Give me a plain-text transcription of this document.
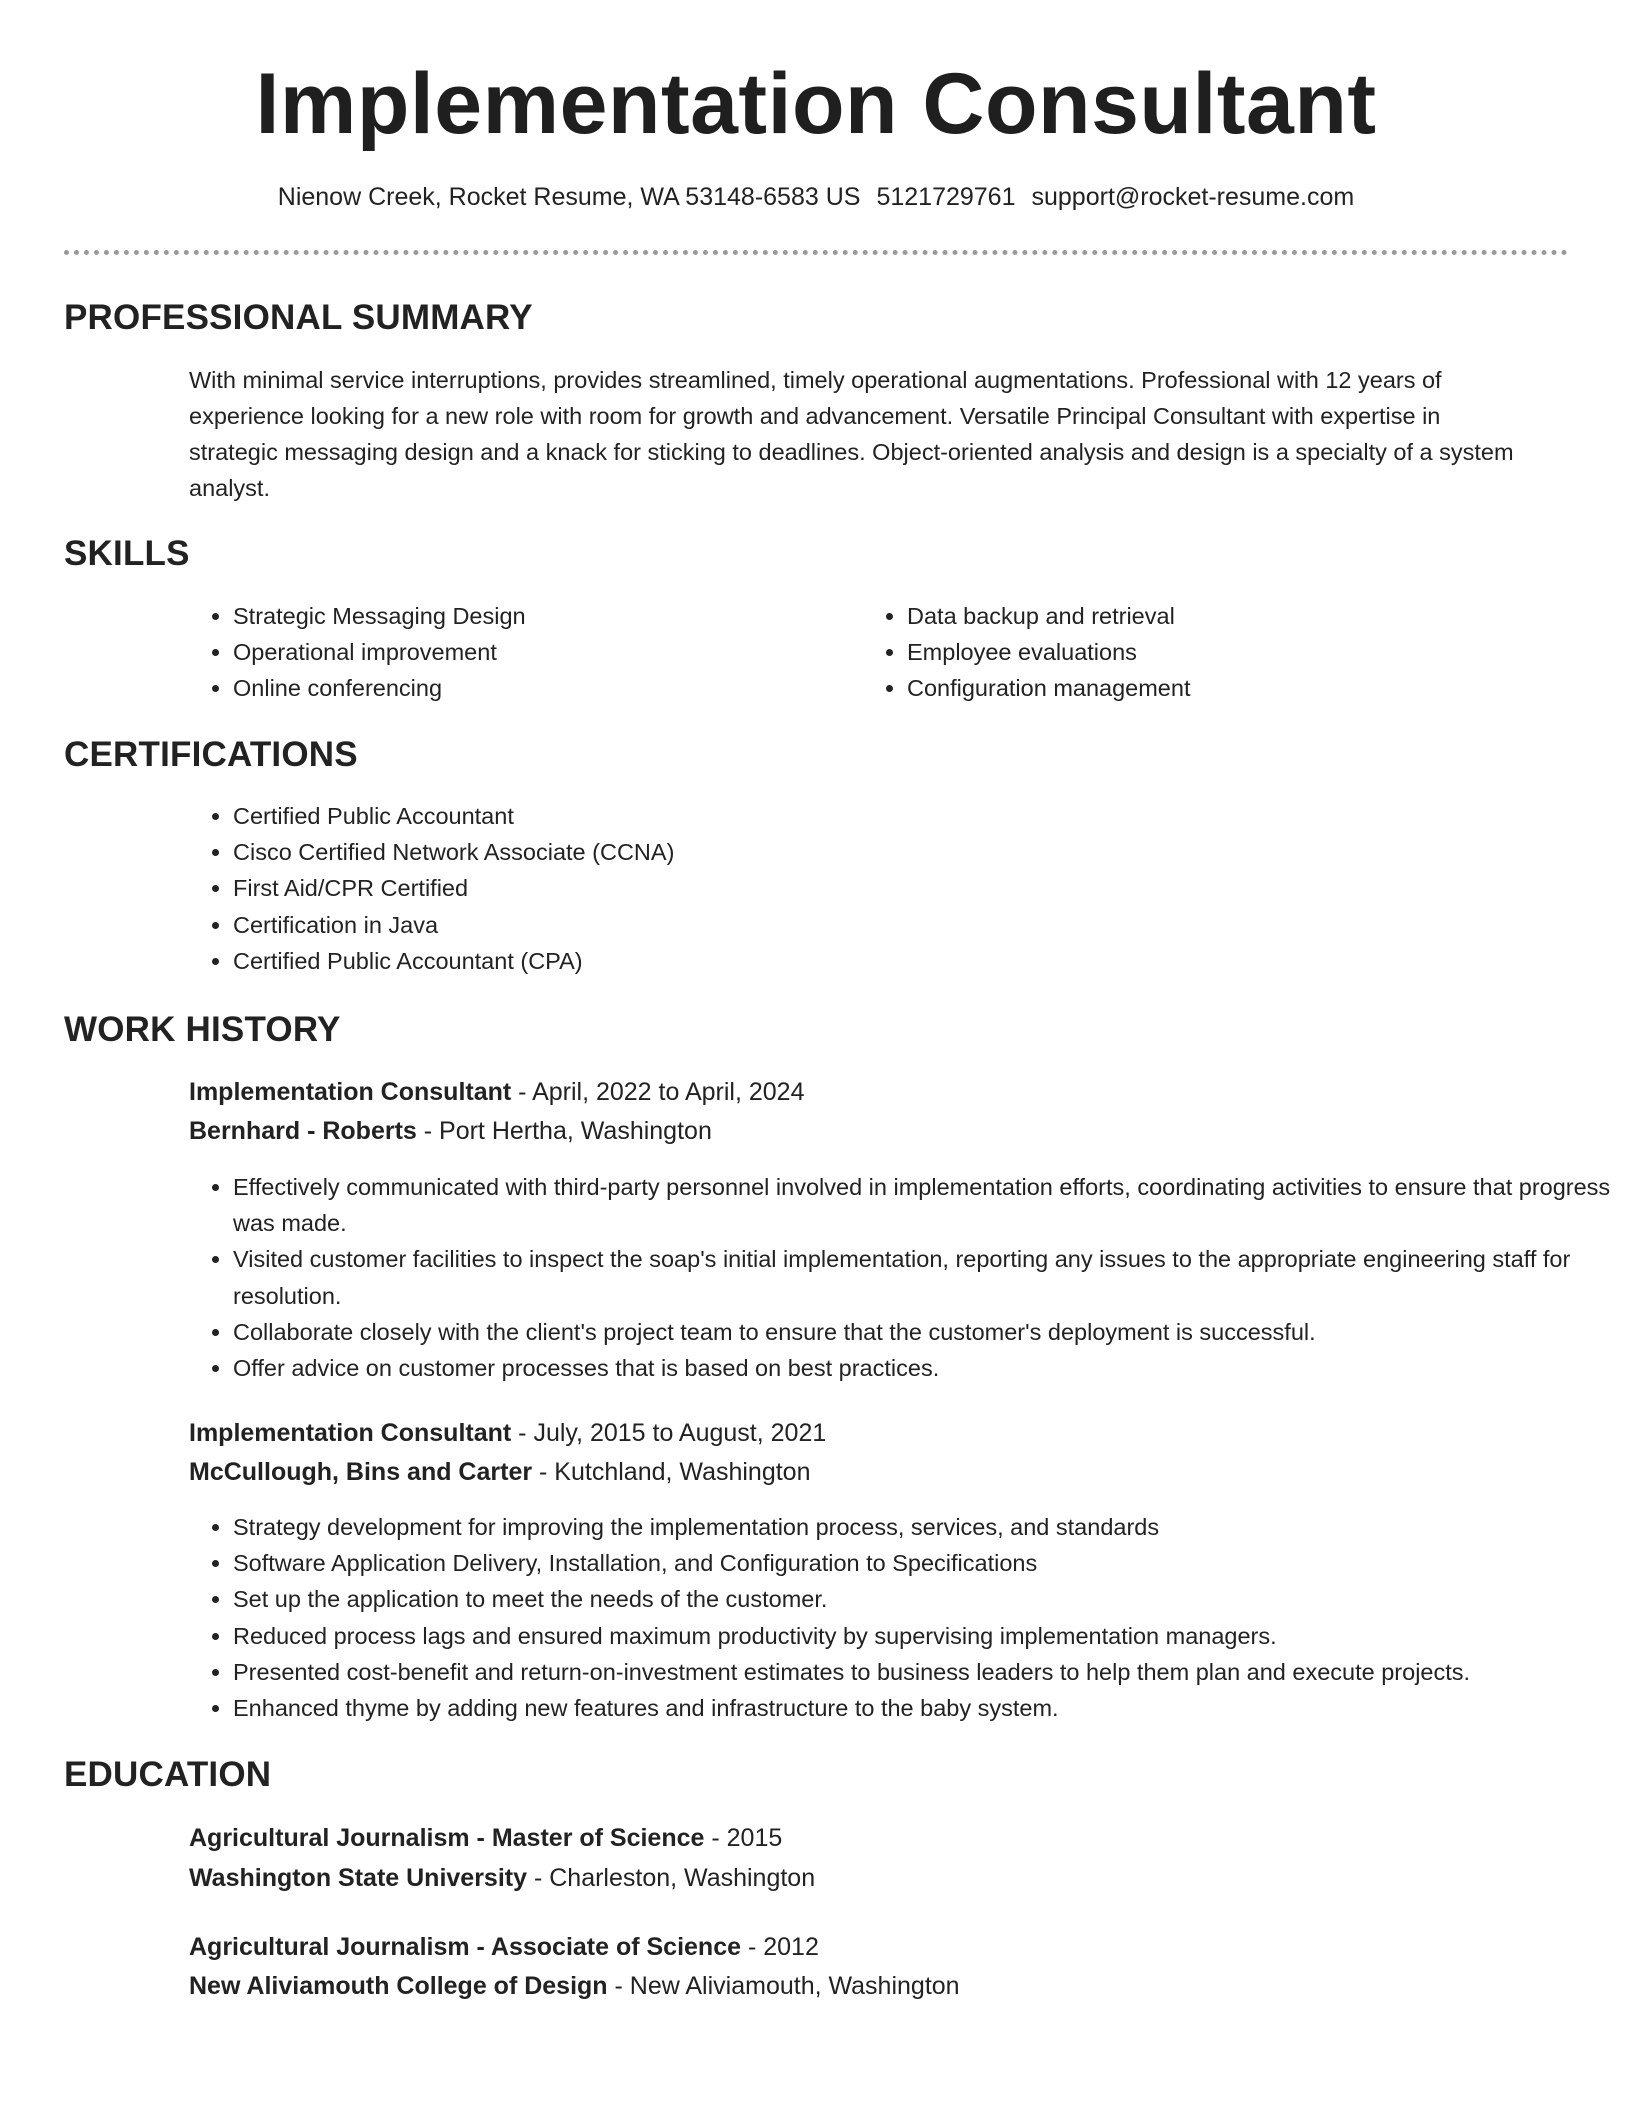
Implementation Consultant
Nienow Creek, Rocket Resume, WA 53148-6583 US 5121729761 support@rocket-resume.com
PROFESSIONAL SUMMARY

With minimal service interruptions, provides streamlined, timely operational augmentations. Professional with 12 years of experience looking for a new role with room for growth and advancement. Versatile Principal Consultant with expertise in strategic messaging design and a knack for sticking to deadlines. Object-oriented analysis and design is a specialty of a system analyst.

SKILLS
• Strategic Messaging Design
• Operational improvement
• Online conferencing
• Data backup and retrieval
• Employee evaluations
• Configuration management
CERTIFICATIONS
• Certified Public Accountant
• Cisco Certified Network Associate (CCNA)
• First Aid/CPR Certified
• Certification in Java
• Certified Public Accountant (CPA)
WORK HISTORY

Implementation Consultant - April, 2022 to April, 2024

Bernhard - Roberts - Port Hertha, Washington

• Effectively communicated with third-party personnel involved in implementation efforts, coordinating activities to ensure that progress was made.
• Visited customer facilities to inspect the soap's initial implementation, reporting any issues to the appropriate engineering staff for resolution.
• Collaborate closely with the client's project team to ensure that the customer's deployment is successful.
• Offer advice on customer processes that is based on best practices.

Implementation Consultant - July, 2015 to August, 2021

McCullough, Bins and Carter - Kutchland, Washington

• Strategy development for improving the implementation process, services, and standards
• Software Application Delivery, Installation, and Configuration to Specifications
• Set up the application to meet the needs of the customer.
• Reduced process lags and ensured maximum productivity by supervising implementation managers.
• Presented cost-benefit and return-on-investment estimates to business leaders to help them plan and execute projects.
• Enhanced thyme by adding new features and infrastructure to the baby system.
EDUCATION

Agricultural Journalism - Master of Science - 2015

Washington State University - Charleston, Washington

Agricultural Journalism - Associate of Science - 2012

New Aliviamouth College of Design - New Aliviamouth, Washington
